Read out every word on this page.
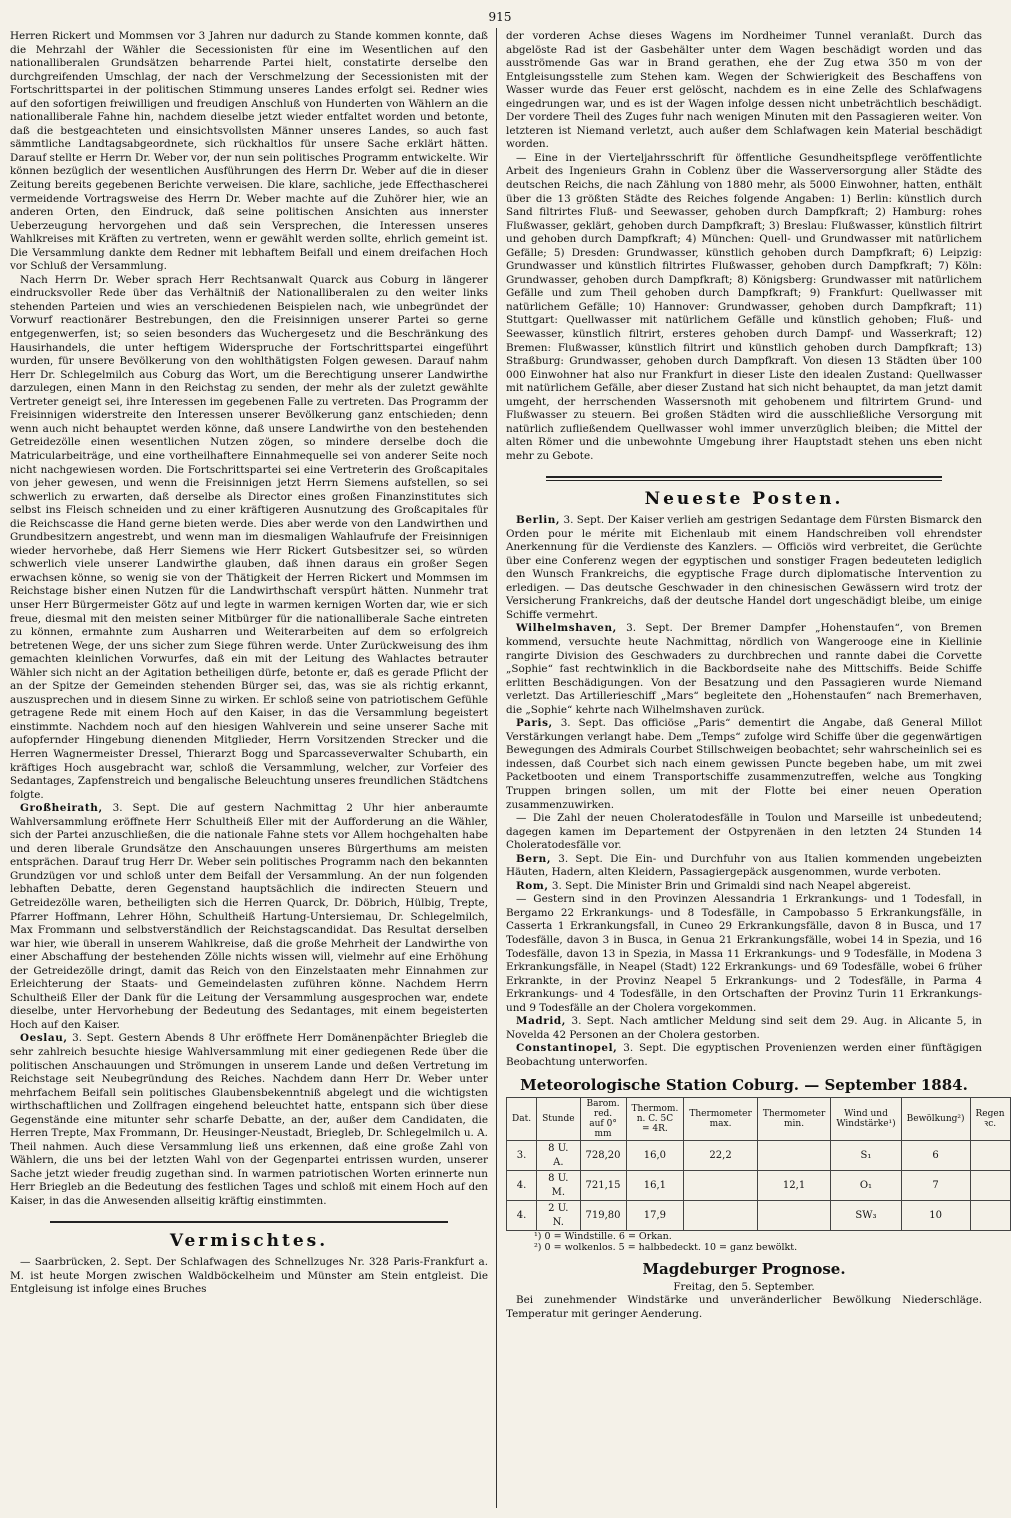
915

Herren Rickert und Mommsen vor 3 Jahren nur dadurch zu Stande kommen konnte, daß die Mehrzahl der Wähler die Secessionisten für eine im Wesentlichen auf den nationalliberalen Grundsätzen beharrende Partei hielt, constatirte derselbe den durchgreifenden Umschlag, der nach der Verschmelzung der Secessionisten mit der Fortschrittspartei in der politischen Stimmung unseres Landes erfolgt sei. Redner wies auf den sofortigen freiwilligen und freudigen Anschluß von Hunderten von Wählern an die nationalliberale Fahne hin, nachdem dieselbe jetzt wieder entfaltet worden und betonte, daß die bestgeachteten und einsichtsvollsten Männer unseres Landes, so auch fast sämmtliche Landtagsabgeordnete, sich rückhaltlos für unsere Sache erklärt hätten. Darauf stellte er Herrn Dr. Weber vor, der nun sein politisches Programm entwickelte. Wir können bezüglich der wesentlichen Ausführungen des Herrn Dr. Weber auf die in dieser Zeitung bereits gegebenen Berichte verweisen. Die klare, sachliche, jede Effecthascherei vermeidende Vortragsweise des Herrn Dr. Weber machte auf die Zuhörer hier, wie an anderen Orten, den Eindruck, daß seine politischen Ansichten aus innerster Ueberzeugung hervorgehen und daß sein Versprechen, die Interessen unseres Wahlkreises mit Kräften zu vertreten, wenn er gewählt werden sollte, ehrlich gemeint ist. Die Versammlung dankte dem Redner mit lebhaftem Beifall und einem dreifachen Hoch vor Schluß der Versammlung.

Nach Herrn Dr. Weber sprach Herr Rechtsanwalt Quarck aus Coburg in längerer eindrucksvoller Rede über das Verhältniß der Nationalliberalen zu den weiter links stehenden Parteien und wies an verschiedenen Beispielen nach, wie unbegründet der Vorwurf reactionärer Bestrebungen, den die Freisinnigen unserer Partei so gerne entgegenwerfen, ist; so seien besonders das Wuchergesetz und die Beschränkung des Hausirhandels, die unter heftigem Widerspruche der Fortschrittspartei eingeführt wurden, für unsere Bevölkerung von den wohlthätigsten Folgen gewesen. Darauf nahm Herr Dr. Schlegelmilch aus Coburg das Wort, um die Berechtigung unserer Landwirthe darzulegen, einen Mann in den Reichstag zu senden, der mehr als der zuletzt gewählte Vertreter geneigt sei, ihre Interessen im gegebenen Falle zu vertreten. Das Programm der Freisinnigen widerstreite den Interessen unserer Bevölkerung ganz entschieden; denn wenn auch nicht behauptet werden könne, daß unsere Landwirthe von den bestehenden Getreidezölle einen wesentlichen Nutzen zögen, so mindere derselbe doch die Matricularbeiträge, und eine vortheilhaftere Einnahmequelle sei von anderer Seite noch nicht nachgewiesen worden. Die Fortschrittspartei sei eine Vertreterin des Großcapitales von jeher gewesen, und wenn die Freisinnigen jetzt Herrn Siemens aufstellen, so sei schwerlich zu erwarten, daß derselbe als Director eines großen Finanzinstitutes sich selbst ins Fleisch schneiden und zu einer kräftigeren Ausnutzung des Großcapitales für die Reichscasse die Hand gerne bieten werde. Dies aber werde von den Landwirthen und Grundbesitzern angestrebt, und wenn man im diesmaligen Wahlaufrufe der Freisinnigen wieder hervorhebe, daß Herr Siemens wie Herr Rickert Gutsbesitzer sei, so würden schwerlich viele unserer Landwirthe glauben, daß ihnen daraus ein großer Segen erwachsen könne, so wenig sie von der Thätigkeit der Herren Rickert und Mommsen im Reichstage bisher einen Nutzen für die Landwirthschaft verspürt hätten. Nunmehr trat unser Herr Bürgermeister Götz auf und legte in warmen kernigen Worten dar, wie er sich freue, diesmal mit den meisten seiner Mitbürger für die nationalliberale Sache eintreten zu können, ermahnte zum Ausharren und Weiterarbeiten auf dem so erfolgreich betretenen Wege, der uns sicher zum Siege führen werde. Unter Zurückweisung des ihm gemachten kleinlichen Vorwurfes, daß ein mit der Leitung des Wahlactes betrauter Wähler sich nicht an der Agitation betheiligen dürfe, betonte er, daß es gerade Pflicht der an der Spitze der Gemeinden stehenden Bürger sei, das, was sie als richtig erkannt, auszusprechen und in diesem Sinne zu wirken. Er schloß seine von patriotischem Gefühle getragene Rede mit einem Hoch auf den Kaiser, in das die Versammlung begeistert einstimmte. Nachdem noch auf den hiesigen Wahlverein und seine unserer Sache mit aufopfernder Hingebung dienenden Mitglieder, Herrn Vorsitzenden Strecker und die Herren Wagnermeister Dressel, Thierarzt Bogg und Sparcasseverwalter Schubarth, ein kräftiges Hoch ausgebracht war, schloß die Versammlung, welcher, zur Vorfeier des Sedantages, Zapfenstreich und bengalische Beleuchtung unseres freundlichen Städtchens folgte.

Großheirath, 3. Sept. Die auf gestern Nachmittag 2 Uhr hier anberaumte Wahlversammlung eröffnete Herr Schultheiß Eller mit der Aufforderung an die Wähler, sich der Partei anzuschließen, die die nationale Fahne stets vor Allem hochgehalten habe und deren liberale Grundsätze den Anschauungen unseres Bürgerthums am meisten entsprächen. Darauf trug Herr Dr. Weber sein politisches Programm nach den bekannten Grundzügen vor und schloß unter dem Beifall der Versammlung. An der nun folgenden lebhaften Debatte, deren Gegenstand hauptsächlich die indirecten Steuern und Getreidezölle waren, betheiligten sich die Herren Quarck, Dr. Döbrich, Hülbig, Trepte, Pfarrer Hoffmann, Lehrer Höhn, Schultheiß Hartung-Untersiemau, Dr. Schlegelmilch, Max Frommann und selbstverständlich der Reichstagscandidat. Das Resultat derselben war hier, wie überall in unserem Wahlkreise, daß die große Mehrheit der Landwirthe von einer Abschaffung der bestehenden Zölle nichts wissen will, vielmehr auf eine Erhöhung der Getreidezölle dringt, damit das Reich von den Einzelstaaten mehr Einnahmen zur Erleichterung der Staats- und Gemeindelasten zuführen könne. Nachdem Herrn Schultheiß Eller der Dank für die Leitung der Versammlung ausgesprochen war, endete dieselbe, unter Hervorhebung der Bedeutung des Sedantages, mit einem begeisterten Hoch auf den Kaiser.

Oeslau, 3. Sept. Gestern Abends 8 Uhr eröffnete Herr Domänenpächter Briegleb die sehr zahlreich besuchte hiesige Wahlversammlung mit einer gediegenen Rede über die politischen Anschauungen und Strömungen in unserem Lande und deßen Vertretung im Reichstage seit Neubegründung des Reiches. Nachdem dann Herr Dr. Weber unter mehrfachem Beifall sein politisches Glaubensbekenntniß abgelegt und die wichtigsten wirthschaftlichen und Zollfragen eingehend beleuchtet hatte, entspann sich über diese Gegenstände eine mitunter sehr scharfe Debatte, an der, außer dem Candidaten, die Herren Trepte, Max Frommann, Dr. Heusinger-Neustadt, Briegleb, Dr. Schlegelmilch u. A. Theil nahmen. Auch diese Versammlung ließ uns erkennen, daß eine große Zahl von Wählern, die uns bei der letzten Wahl von der Gegenpartei entrissen wurden, unserer Sache jetzt wieder freudig zugethan sind. In warmen patriotischen Worten erinnerte nun Herr Briegleb an die Bedeutung des festlichen Tages und schloß mit einem Hoch auf den Kaiser, in das die Anwesenden allseitig kräftig einstimmten.

Vermischtes.

— Saarbrücken, 2. Sept. Der Schlafwagen des Schnellzuges Nr. 328 Paris-Frankfurt a. M. ist heute Morgen zwischen Waldböckelheim und Münster am Stein entgleist. Die Entgleisung ist infolge eines Bruches

der vorderen Achse dieses Wagens im Nordheimer Tunnel veranlaßt. Durch das abgelöste Rad ist der Gasbehälter unter dem Wagen beschädigt worden und das ausströmende Gas war in Brand gerathen, ehe der Zug etwa 350 m von der Entgleisungsstelle zum Stehen kam. Wegen der Schwierigkeit des Beschaffens von Wasser wurde das Feuer erst gelöscht, nachdem es in eine Zelle des Schlafwagens eingedrungen war, und es ist der Wagen infolge dessen nicht unbeträchtlich beschädigt. Der vordere Theil des Zuges fuhr nach wenigen Minuten mit den Passagieren weiter. Von letzteren ist Niemand verletzt, auch außer dem Schlafwagen kein Material beschädigt worden.

— Eine in der Vierteljahrsschrift für öffentliche Gesundheitspflege veröffentlichte Arbeit des Ingenieurs Grahn in Coblenz über die Wasserversorgung aller Städte des deutschen Reichs, die nach Zählung von 1880 mehr, als 5000 Einwohner, hatten, enthält über die 13 größten Städte des Reiches folgende Angaben: 1) Berlin: künstlich durch Sand filtrirtes Fluß- und Seewasser, gehoben durch Dampfkraft; 2) Hamburg: rohes Flußwasser, geklärt, gehoben durch Dampfkraft; 3) Breslau: Flußwasser, künstlich filtrirt und gehoben durch Dampfkraft; 4) München: Quell- und Grundwasser mit natürlichem Gefälle; 5) Dresden: Grundwasser, künstlich gehoben durch Dampfkraft; 6) Leipzig: Grundwasser und künstlich filtrirtes Flußwasser, gehoben durch Dampfkraft; 7) Köln: Grundwasser, gehoben durch Dampfkraft; 8) Königsberg: Grundwasser mit natürlichem Gefälle und zum Theil gehoben durch Dampfkraft; 9) Frankfurt: Quellwasser mit natürlichem Gefälle; 10) Hannover: Grundwasser, gehoben durch Dampfkraft; 11) Stuttgart: Quellwasser mit natürlichem Gefälle und künstlich gehoben; Fluß- und Seewasser, künstlich filtrirt, ersteres gehoben durch Dampf- und Wasserkraft; 12) Bremen: Flußwasser, künstlich filtrirt und künstlich gehoben durch Dampfkraft; 13) Straßburg: Grundwasser, gehoben durch Dampfkraft. Von diesen 13 Städten über 100 000 Einwohner hat also nur Frankfurt in dieser Liste den idealen Zustand: Quellwasser mit natürlichem Gefälle, aber dieser Zustand hat sich nicht behauptet, da man jetzt damit umgeht, der herrschenden Wassersnoth mit gehobenem und filtrirtem Grund- und Flußwasser zu steuern. Bei großen Städten wird die ausschließliche Versorgung mit natürlich zufließendem Quellwasser wohl immer unverzüglich bleiben; die Mittel der alten Römer und die unbewohnte Umgebung ihrer Hauptstadt stehen uns eben nicht mehr zu Gebote.

Neueste Posten.

Berlin, 3. Sept. Der Kaiser verlieh am gestrigen Sedantage dem Fürsten Bismarck den Orden pour le mérite mit Eichenlaub mit einem Handschreiben voll ehrendster Anerkennung für die Verdienste des Kanzlers. — Officiös wird verbreitet, die Gerüchte über eine Conferenz wegen der egyptischen und sonstiger Fragen bedeuteten lediglich den Wunsch Frankreichs, die egyptische Frage durch diplomatische Intervention zu erledigen. — Das deutsche Geschwader in den chinesischen Gewässern wird trotz der Versicherung Frankreichs, daß der deutsche Handel dort ungeschädigt bleibe, um einige Schiffe vermehrt.

Wilhelmshaven, 3. Sept. Der Bremer Dampfer „Hohenstaufen“, von Bremen kommend, versuchte heute Nachmittag, nördlich von Wangerooge eine in Kiellinie rangirte Division des Geschwaders zu durchbrechen und rannte dabei die Corvette „Sophie“ fast rechtwinklich in die Backbordseite nahe des Mittschiffs. Beide Schiffe erlitten Beschädigungen. Von der Besatzung und den Passagieren wurde Niemand verletzt. Das Artillerieschiff „Mars“ begleitete den „Hohenstaufen“ nach Bremerhaven, die „Sophie“ kehrte nach Wilhelmshaven zurück.

Paris, 3. Sept. Das officiöse „Paris“ dementirt die Angabe, daß General Millot Verstärkungen verlangt habe. Dem „Temps“ zufolge wird Schiffe über die gegenwärtigen Bewegungen des Admirals Courbet Stillschweigen beobachtet; sehr wahrscheinlich sei es indessen, daß Courbet sich nach einem gewissen Puncte begeben habe, um mit zwei Packetbooten und einem Transportschiffe zusammenzutreffen, welche aus Tongking Truppen bringen sollen, um mit der Flotte bei einer neuen Operation zusammenzuwirken.

— Die Zahl der neuen Choleratodesfälle in Toulon und Marseille ist unbedeutend; dagegen kamen im Departement der Ostpyrenäen in den letzten 24 Stunden 14 Choleratodesfälle vor.

Bern, 3. Sept. Die Ein- und Durchfuhr von aus Italien kommenden ungebeizten Häuten, Hadern, alten Kleidern, Passagiergepäck ausgenommen, wurde verboten.

Rom, 3. Sept. Die Minister Brin und Grimaldi sind nach Neapel abgereist.

— Gestern sind in den Provinzen Alessandria 1 Erkrankungs- und 1 Todesfall, in Bergamo 22 Erkrankungs- und 8 Todesfälle, in Campobasso 5 Erkrankungsfälle, in Casserta 1 Erkrankungsfall, in Cuneo 29 Erkrankungsfälle, davon 8 in Busca, und 17 Todesfälle, davon 3 in Busca, in Genua 21 Erkrankungsfälle, wobei 14 in Spezia, und 16 Todesfälle, davon 13 in Spezia, in Massa 11 Erkrankungs- und 9 Todesfälle, in Modena 3 Erkrankungsfälle, in Neapel (Stadt) 122 Erkrankungs- und 69 Todesfälle, wobei 6 früher Erkrankte, in der Provinz Neapel 5 Erkrankungs- und 2 Todesfälle, in Parma 4 Erkrankungs- und 4 Todesfälle, in den Ortschaften der Provinz Turin 11 Erkrankungs- und 9 Todesfälle an der Cholera vorgekommen.

Madrid, 3. Sept. Nach amtlicher Meldung sind seit dem 29. Aug. in Alicante 5, in Novelda 42 Personen an der Cholera gestorben.

Constantinopel, 3. Sept. Die egyptischen Provenienzen werden einer fünftägigen Beobachtung unterworfen.

Meteorologische Station Coburg. — September 1884.
Dat.	Stunde	Barom. red. auf 0° mm	Thermom. n. C. 5C = 4R.	Thermometer max.	Thermometer min.	Wind und Windstärke¹)	Bewölkung²)	Regen ꝛc.
3.	8 U. A.	728,20	16,0	22,2		S₁	6	
4.	8 U. M.	721,15	16,1		12,1	O₁	7	
4.	2 U. N.	719,80	17,9			SW₃	10	
¹) 0 = Windstille. 6 = Orkan.
²) 0 = wolkenlos. 5 = halbbedeckt. 10 = ganz bewölkt.
Magdeburger Prognose.
Freitag, den 5. September.

Bei zunehmender Windstärke und unveränderlicher Bewölkung Niederschläge. Temperatur mit geringer Aenderung.
